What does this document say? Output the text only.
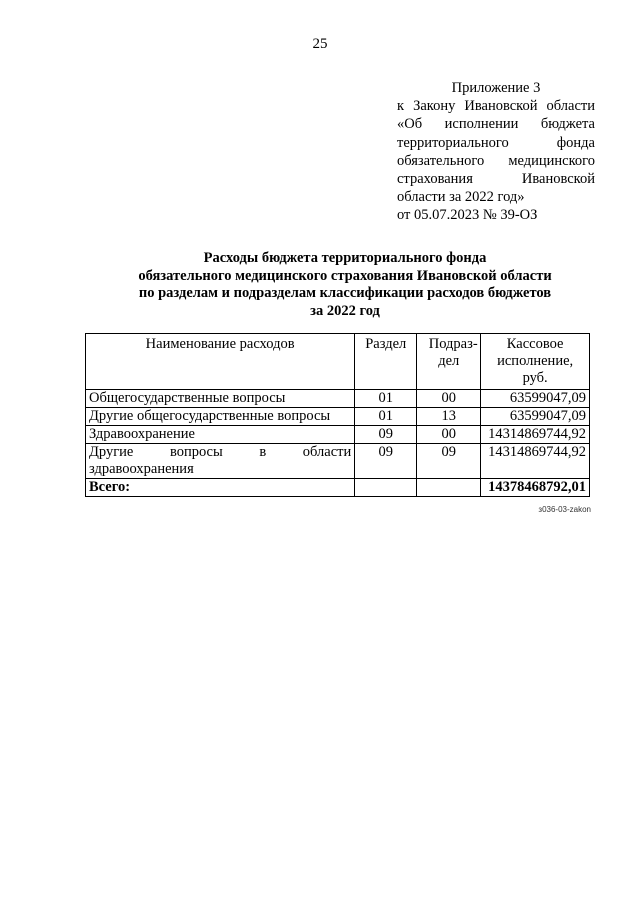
25
Приложение 3
к Закону Ивановской области
«Об исполнении бюджета
территориального фонда
обязательного медицинского
страхования Ивановской
области за 2022 год»
от 05.07.2023 № 39-ОЗ
Расходы бюджета территориального фонда
обязательного медицинского страхования Ивановской области
по разделам и подразделам классификации расходов бюджетов
за 2022 год
Наименование расходов	Раздел	Подраз-дел	Кассовое исполнение, руб.
Общегосударственные вопросы	01	00	63599047,09
Другие общегосударственные вопросы	01	13	63599047,09
Здравоохранение	09	00	14314869744,92
Другие вопросы в области здравоохранения	09	09	14314869744,92
Всего:			14378468792,01
з036-03-zakon
